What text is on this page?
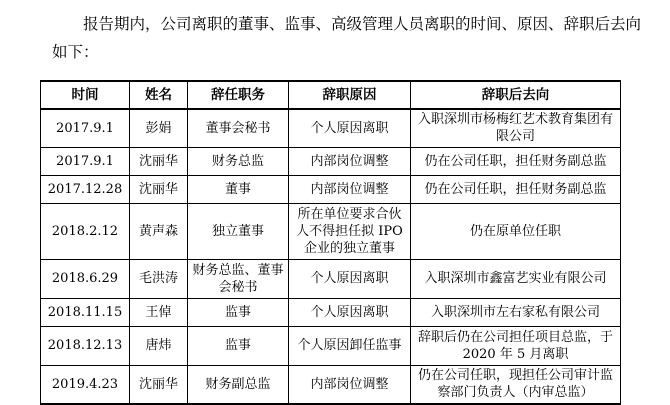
报告期内，公司离职的董事、监事、高级管理人员离职的时间、原因、辞职后去向如下：

时间	姓名	辞任职务	辞职原因	辞职后去向
2017.9.1	彭娟	董事会秘书	个人原因离职	入职深圳市杨梅红艺术教育集团有限公司
2017.9.1	沈丽华	财务总监	内部岗位调整	仍在公司任职，担任财务副总监
2017.12.28	沈丽华	董事	内部岗位调整	仍在公司任职，担任财务副总监
2018.2.12	黄声森	独立董事	所在单位要求合伙人不得担任拟 IPO 企业的独立董事	仍在原单位任职
2018.6.29	毛洪涛	财务总监、董事会秘书	个人原因离职	入职深圳市鑫富艺实业有限公司
2018.11.15	王倬	监事	个人原因离职	入职深圳市左右家私有限公司
2018.12.13	唐炜	监事	个人原因卸任监事	辞职后仍在公司担任项目总监，于 2020 年 5 月离职
2019.4.23	沈丽华	财务副总监	内部岗位调整	仍在公司任职，现担任公司审计监察部门负责人（内审总监）
